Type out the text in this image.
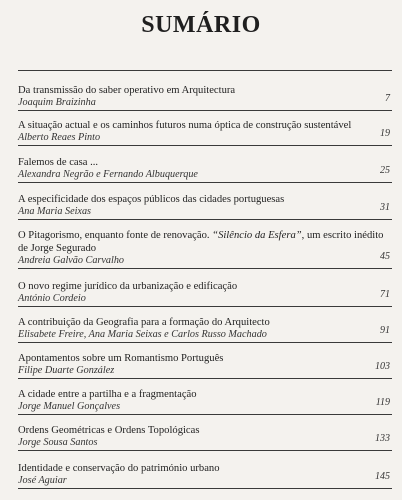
SUMÁRIO
Da transmissão do saber operativo em Arquitectura
Joaquim Braizinha	7
A situação actual e os caminhos futuros numa óptica de construção sustentável
Alberto Reaes Pinto	19
Falemos de casa ...
Alexandra Negrão e Fernando Albuquerque	25
A especificidade dos espaços públicos das cidades portuguesas
Ana Maria Seixas	31
O Pitagorismo, enquanto fonte de renovação. “Silêncio da Esfera”, um escrito inédito
de Jorge Segurado
Andreia Galvão Carvalho	45
O novo regime jurídico da urbanização e edificação
António Cordeio	71
A contribuição da Geografia para a formação do Arquitecto
Elisabete Freire, Ana Maria Seixas e Carlos Russo Machado	91
Apontamentos sobre um Romantismo Português
Filipe Duarte González	103
A cidade entre a partilha e a fragmentação
Jorge Manuel Gonçalves	119
Ordens Geométricas e Ordens Topológicas
Jorge Sousa Santos	133
Identidade e conservação do património urbano
José Aguiar	145
